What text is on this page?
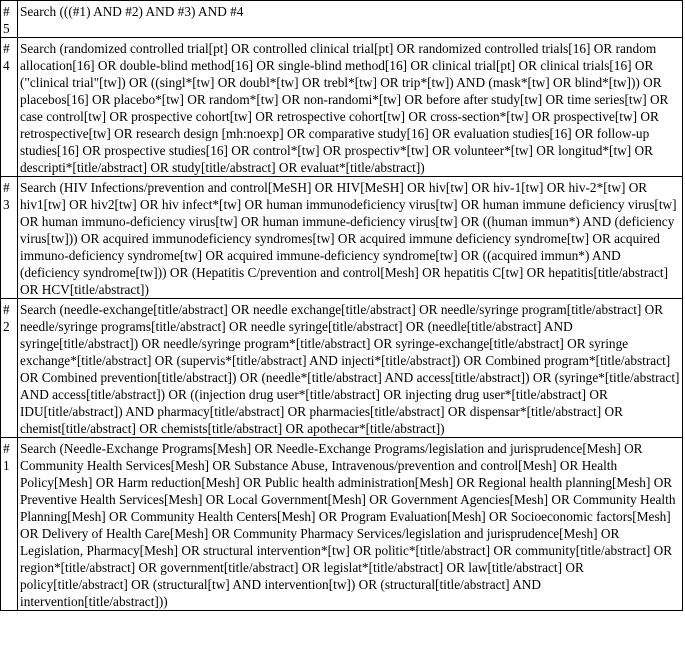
#5	Search (((#1) AND #2) AND #3) AND #4
#4	Search (randomized controlled trial[pt] OR controlled clinical trial[pt] OR randomized controlled trials[16] OR random allocation[16] OR double-blind method[16] OR single-blind method[16] OR clinical trial[pt] OR clinical trials[16] OR ("clinical trial"[tw]) OR ((singl*[tw] OR doubl*[tw] OR trebl*[tw] OR trip*[tw]) AND (mask*[tw] OR blind*[tw])) OR placebos[16] OR placebo*[tw] OR random*[tw] OR non-randomi*[tw] OR before after study[tw] OR time series[tw] OR case control[tw] OR prospective cohort[tw] OR retrospective cohort[tw] OR cross-section*[tw] OR prospective[tw] OR retrospective[tw] OR research design [mh:noexp] OR comparative study[16] OR evaluation studies[16] OR follow-up studies[16] OR prospective studies[16] OR control*[tw] OR prospectiv*[tw] OR volunteer*[tw] OR longitud*[tw] OR descripti*[title/abstract] OR study[title/abstract] OR evaluat*[title/abstract])
#3	Search (HIV Infections/prevention and control[MeSH] OR HIV[MeSH] OR hiv[tw] OR hiv-1[tw] OR hiv-2*[tw] OR hiv1[tw] OR hiv2[tw] OR hiv infect*[tw] OR human immunodeficiency virus[tw] OR human immune deficiency virus[tw] OR human immuno-deficiency virus[tw] OR human immune-deficiency virus[tw] OR ((human immun*) AND (deficiency virus[tw])) OR acquired immunodeficiency syndromes[tw] OR acquired immune deficiency syndrome[tw] OR acquired immuno-deficiency syndrome[tw] OR acquired immune-deficiency syndrome[tw] OR ((acquired immun*) AND (deficiency syndrome[tw])) OR (Hepatitis C/prevention and control[Mesh] OR hepatitis C[tw] OR hepatitis[title/abstract] OR HCV[title/abstract])
#2	Search (needle-exchange[title/abstract] OR needle exchange[title/abstract] OR needle/syringe program[title/abstract] OR needle/syringe programs[title/abstract] OR needle syringe[title/abstract] OR (needle[title/abstract] AND syringe[title/abstract]) OR needle/syringe program*[title/abstract] OR syringe-exchange[title/abstract] OR syringe exchange*[title/abstract] OR (supervis*[title/abstract] AND injecti*[title/abstract]) OR Combined program*[title/abstract] OR Combined prevention[title/abstract]) OR (needle*[title/abstract] AND access[title/abstract]) OR (syringe*[title/abstract] AND access[title/abstract]) OR ((injection drug user*[title/abstract] OR injecting drug user*[title/abstract] OR IDU[title/abstract]) AND pharmacy[title/abstract] OR pharmacies[title/abstract] OR dispensar*[title/abstract] OR chemist[title/abstract] OR chemists[title/abstract] OR apothecar*[title/abstract])
#1	Search (Needle-Exchange Programs[Mesh] OR Needle-Exchange Programs/legislation and jurisprudence[Mesh] OR Community Health Services[Mesh] OR Substance Abuse, Intravenous/prevention and control[Mesh] OR Health Policy[Mesh] OR Harm reduction[Mesh] OR Public health administration[Mesh] OR Regional health planning[Mesh] OR Preventive Health Services[Mesh] OR Local Government[Mesh] OR Government Agencies[Mesh] OR Community Health Planning[Mesh] OR Community Health Centers[Mesh] OR Program Evaluation[Mesh] OR Socioeconomic factors[Mesh] OR Delivery of Health Care[Mesh] OR Community Pharmacy Services/legislation and jurisprudence[Mesh] OR Legislation, Pharmacy[Mesh] OR structural intervention*[tw] OR politic*[title/abstract] OR community[title/abstract] OR region*[title/abstract] OR government[title/abstract] OR legislat*[title/abstract] OR law[title/abstract] OR policy[title/abstract] OR (structural[tw] AND intervention[tw]) OR (structural[title/abstract] AND intervention[title/abstract]))
